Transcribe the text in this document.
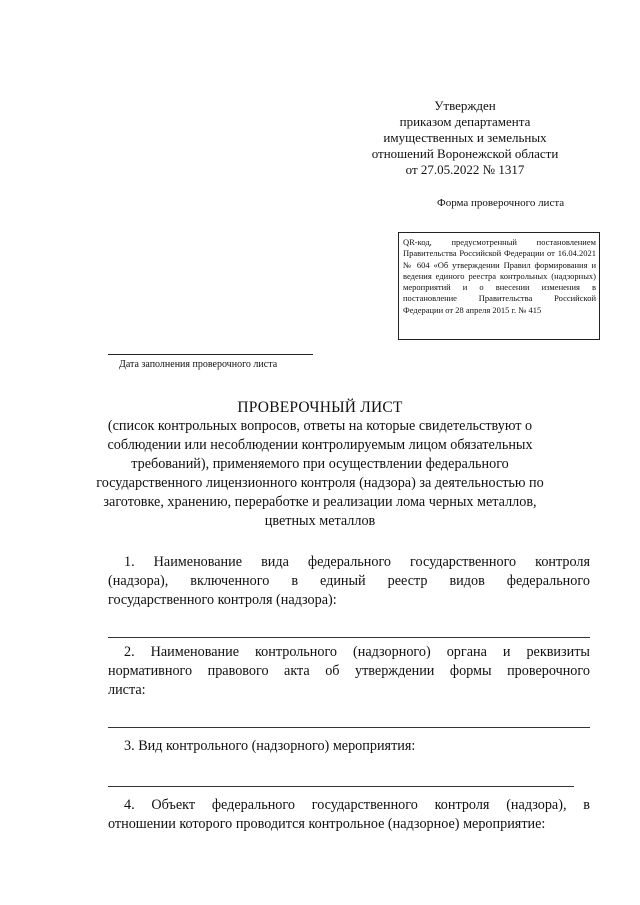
Утвержден
приказом департамента
имущественных и земельных
отношений Воронежской области
от 27.05.2022 № 1317
Форма проверочного листа
QR-код, предусмотренный постановлением Правительства Российской Федерации от 16.04.2021 № 604 «Об утверждении Правил формирования и ведения единого реестра контрольных (надзорных) мероприятий и о внесении изменения в постановление Правительства Российской Федерации от 28 апреля 2015 г. № 415
Дата заполнения проверочного листа
ПРОВЕРОЧНЫЙ ЛИСТ
(список контрольных вопросов, ответы на которые свидетельствуют о
соблюдении или несоблюдении контролируемым лицом обязательных
требований), применяемого при осуществлении федерального
государственного лицензионного контроля (надзора) за деятельностью по
заготовке, хранению, переработке и реализации лома черных металлов,
цветных металлов
1. Наименование вида федерального государственного контроля
(надзора), включенного в единый реестр видов федерального
государственного контроля (надзора):
2. Наименование контрольного (надзорного) органа и реквизиты
нормативного правового акта об утверждении формы проверочного
листа:
3. Вид контрольного (надзорного) мероприятия:
4. Объект федерального государственного контроля (надзора), в
отношении которого проводится контрольное (надзорное) мероприятие:
